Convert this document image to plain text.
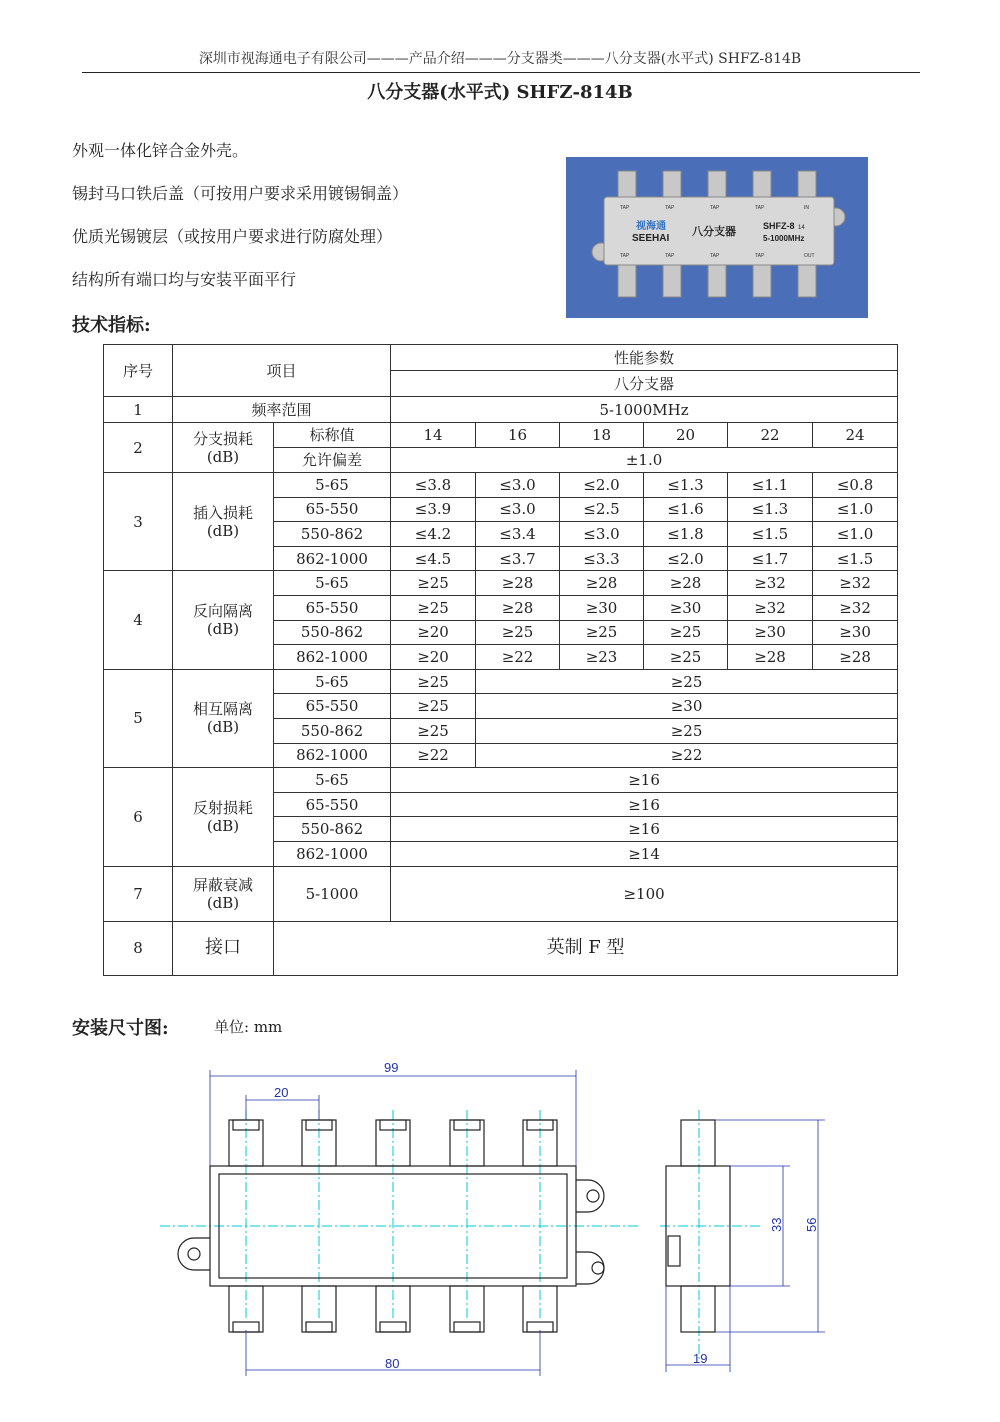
深圳市视海通电子有限公司———产品介绍———分支器类———八分支器(水平式) SHFZ-814B
八分支器(水平式) SHFZ-814B
外观一体化锌合金外壳。
锡封马口铁后盖（可按用户要求采用镀锡铜盖）
优质光锡镀层（或按用户要求进行防腐处理）
结构所有端口均与安装平面平行
视海通
SEEHAI
八分支器	SHFZ-8 14
5-1000MHz
TAP	TAP	TAP	TAP	IN
TAP	TAP	TAP	TAP	OUT
技术指标:
序号	项目		性能参数					
			八分支器					
1	频率范围		5-1000MHz					
2	分支损耗
(dB)	标称值	14	16	18	20	22	24
		允许偏差	±1.0					
3	插入损耗
(dB)	5-65	≤3.8	≤3.0	≤2.0	≤1.3	≤1.1	≤0.8
		65-550	≤3.9	≤3.0	≤2.5	≤1.6	≤1.3	≤1.0
		550-862	≤4.2	≤3.4	≤3.0	≤1.8	≤1.5	≤1.0
		862-1000	≤4.5	≤3.7	≤3.3	≤2.0	≤1.7	≤1.5
4	反向隔离
(dB)	5-65	≥25	≥28	≥28	≥28	≥32	≥32
		65-550	≥25	≥28	≥30	≥30	≥32	≥32
		550-862	≥20	≥25	≥25	≥25	≥30	≥30
		862-1000	≥20	≥22	≥23	≥25	≥28	≥28
5	相互隔离
(dB)	5-65	≥25	≥25				
		65-550	≥25	≥30				
		550-862	≥25	≥25				
		862-1000	≥22	≥22				
6	反射损耗
(dB)	5-65	≥16					
		65-550	≥16					
		550-862	≥16					
		862-1000	≥14					
7	屏蔽衰减
(dB)	5-1000	≥100					
8	接口	英制 F 型						
安装尺寸图:	单位: mm
99
20
80	19
33 56
